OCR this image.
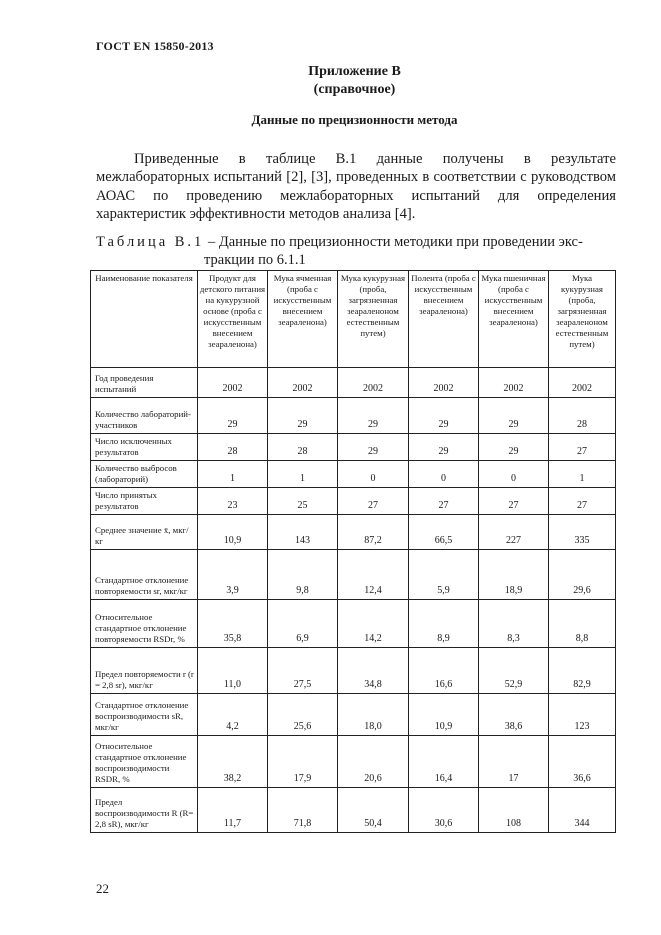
ГОСТ EN 15850-2013
Приложение В
(справочное)
Данные по прецизионности метода

Приведенные в таблице В.1 данные получены в результате межлабораторных испытаний [2], [3], проведенных в соответствии с руководством АОАС по проведению межлабораторных испытаний для определения характеристик эффективности методов анализа [4].

Таблица В.1 – Данные по прецизионности методики при проведении экс-
тракции по 6.1.1
Наименование показателя	Продукт для детского питания на кукурузной основе (проба с искусственным внесением зеараленона)	Мука ячменная (проба с искусственным внесением зеараленона)	Мука кукурузная (проба, загрязненная зеараленоном естественным путем)	Полента (проба с искусственным внесением зеараленона)	Мука пшеничная (проба с искусственным внесением зеараленона)	Мука кукурузная (проба, загрязненная зеараленоном естественным путем)
Год проведения испытаний	2002	2002	2002	2002	2002	2002
Количество лабораторий-участников	29	29	29	29	29	28
Число исключенных результатов	28	28	29	29	29	27
Количество выбросов (лабораторий)	1	1	0	0	0	1
Число принятых результатов	23	25	27	27	27	27
Среднее значение x̄, мкг/кг	10,9	143	87,2	66,5	227	335
Стандартное отклонение повторяемости sr, мкг/кг	3,9	9,8	12,4	5,9	18,9	29,6
Относительное стандартное отклонение повторяемости RSDr, %	35,8	6,9	14,2	8,9	8,3	8,8
Предел повторяемости r (r = 2,8 sr), мкг/кг	11,0	27,5	34,8	16,6	52,9	82,9
Стандартное отклонение воспроизводимости sR, мкг/кг	4,2	25,6	18,0	10,9	38,6	123
Относительное стандартное отклонение воспроизводимости RSDR, %	38,2	17,9	20,6	16,4	17	36,6
Предел воспроизводимости R (R= 2,8 sR), мкг/кг	11,7	71,8	50,4	30,6	108	344
22
